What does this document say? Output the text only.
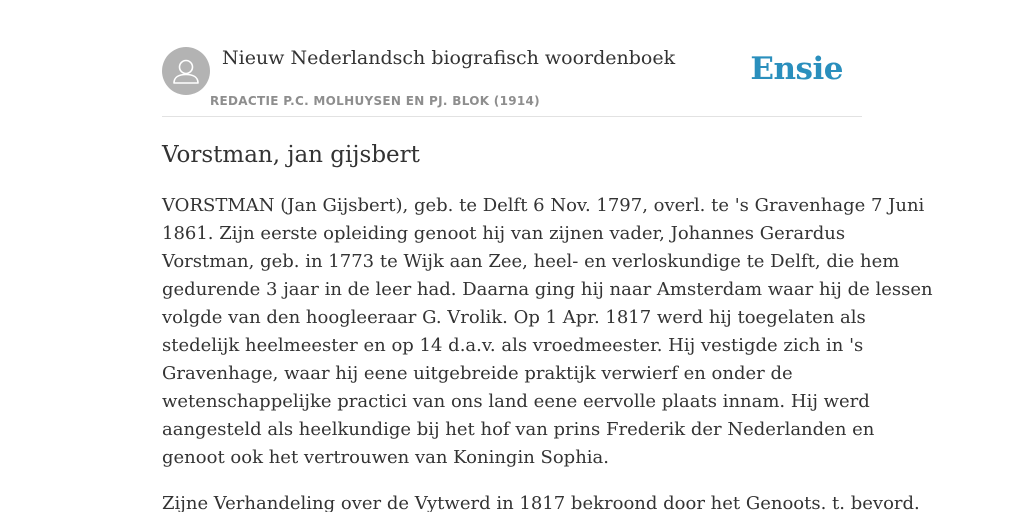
Nieuw Nederlandsch biografisch woordenboek
REDACTIE P.C. MOLHUYSEN EN PJ. BLOK (1914)
Ensie
Vorstman, jan gijsbert

VORSTMAN (Jan Gijsbert), geb. te Delft 6 Nov. 1797, overl. te 's Gravenhage 7 Juni
1861. Zijn eerste opleiding genoot hij van zijnen vader, Johannes Gerardus
Vorstman, geb. in 1773 te Wijk aan Zee, heel- en verloskundige te Delft, die hem
gedurende 3 jaar in de leer had. Daarna ging hij naar Amsterdam waar hij de lessen
volgde van den hoogleeraar G. Vrolik. Op 1 Apr. 1817 werd hij toegelaten als
stedelijk heelmeester en op 14 d.a.v. als vroedmeester. Hij vestigde zich in 's
Gravenhage, waar hij eene uitgebreide praktijk verwierf en onder de
wetenschappelijke practici van ons land eene eervolle plaats innam. Hij werd
aangesteld als heelkundige bij het hof van prins Frederik der Nederlanden en
genoot ook het vertrouwen van Koningin Sophia.

Zijne Verhandeling over de Vytwerd in 1817 bekroond door het Genoots. t. bevord.
